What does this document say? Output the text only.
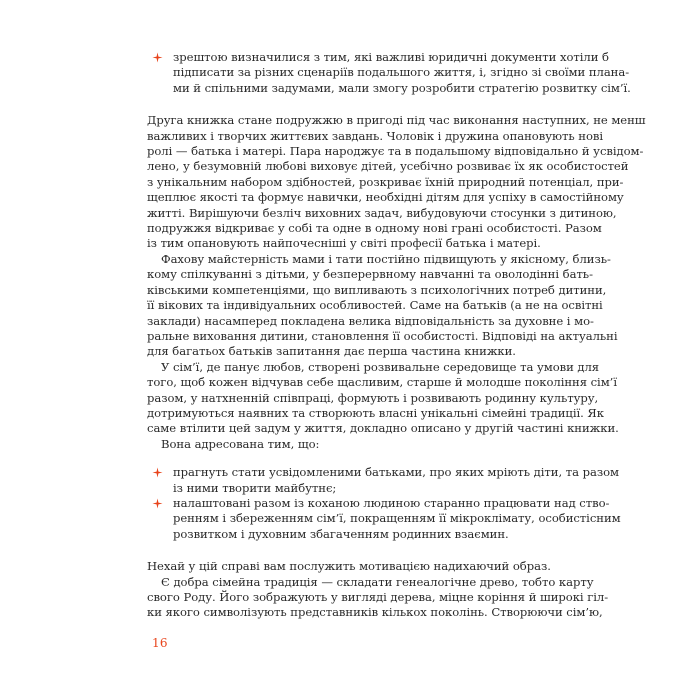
зрештою визначилися з тим, які важливі юридичні документи хотіли б
підписати за різних сценаріїв подальшого життя, і, згідно зі своїми плана-
ми й спільними задумами, мали змогу розробити стратегію розвитку сім’ї.
Друга книжка стане подружжю в пригоді під час виконання наступних, не менш
важливих і творчих життєвих завдань. Чоловік і дружина опановують нові
ролі — батька і матері. Пара народжує та в подальшому відповідально й усвідом-
лено, у безумовній любові виховує дітей, усебічно розвиває їх як особистостей
з унікальним набором здібностей, розкриває їхній природний потенціал, при-
щеплює якості та формує навички, необхідні дітям для успіху в самостійному
житті. Вирішуючи безліч виховних задач, вибудовуючи стосунки з дитиною,
подружжя відкриває у собі та одне в одному нові грані особистості. Разом
із тим опановують найпочесніші у світі професії батька і матері.
Фахову майстерність мами і тати постійно підвищують у якісному, близь-
кому спілкуванні з дітьми, у безперервному навчанні та оволодінні бать-
ківськими компетенціями, що випливають з психологічних потреб дитини,
її вікових та індивідуальних особливостей. Саме на батьків (а не на освітні
заклади) насамперед покладена велика відповідальність за духовне і мо-
ральне виховання дитини, становлення її особистості. Відповіді на актуальні
для багатьох батьків запитання дає перша частина книжки.
У сім’ї, де панує любов, створені розвивальне середовище та умови для
того, щоб кожен відчував себе щасливим, старше й молодше покоління сім’ї
разом, у натхненній співпраці, формують і розвивають родинну культуру,
дотримуються наявних та створюють власні унікальні сімейні традиції. Як
саме втілити цей задум у життя, докладно описано у другій частині книжки.
Вона адресована тим, що:
прагнуть стати усвідомленими батьками, про яких мріють діти, та разом
із ними творити майбутнє;
налаштовані разом із коханою людиною старанно працювати над ство-
ренням і збереженням сім’ї, покращенням її мікроклімату, особистісним
розвитком і духовним збагаченням родинних взаємин.
Нехай у цій справі вам послужить мотивацією надихаючий образ.
Є добра сімейна традиція — складати генеалогічне древо, тобто карту
свого Роду. Його зображують у вигляді дерева, міцне коріння й широкі гіл-
ки якого символізують представників кількох поколінь. Створюючи сім’ю,
16
